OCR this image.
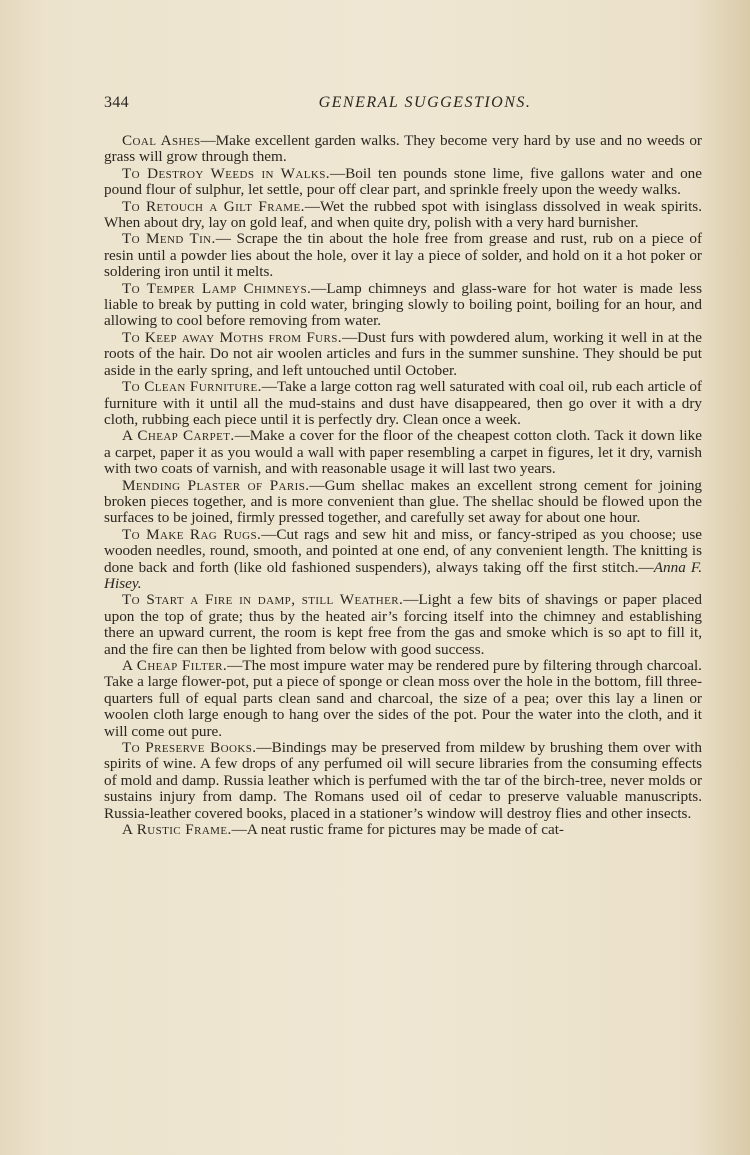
344	GENERAL SUGGESTIONS.

Coal Ashes—Make excellent garden walks. They become very hard by use and no weeds or grass will grow through them.

To Destroy Weeds in Walks.—Boil ten pounds stone lime, five gallons water and one pound flour of sulphur, let settle, pour off clear part, and sprinkle freely upon the weedy walks.

To Retouch a Gilt Frame.—Wet the rubbed spot with isinglass dissolved in weak spirits. When about dry, lay on gold leaf, and when quite dry, polish with a very hard burnisher.

To Mend Tin.— Scrape the tin about the hole free from grease and rust, rub on a piece of resin until a powder lies about the hole, over it lay a piece of solder, and hold on it a hot poker or soldering iron until it melts.

To Temper Lamp Chimneys.—Lamp chimneys and glass-ware for hot water is made less liable to break by putting in cold water, bringing slowly to boiling point, boiling for an hour, and allowing to cool before removing from water.

To Keep away Moths from Furs.—Dust furs with powdered alum, working it well in at the roots of the hair. Do not air woolen articles and furs in the summer sunshine. They should be put aside in the early spring, and left untouched until October.

To Clean Furniture.—Take a large cotton rag well saturated with coal oil, rub each article of furniture with it until all the mud-stains and dust have disappeared, then go over it with a dry cloth, rubbing each piece until it is perfectly dry. Clean once a week.

A Cheap Carpet.—Make a cover for the floor of the cheapest cotton cloth. Tack it down like a carpet, paper it as you would a wall with paper resembling a carpet in figures, let it dry, varnish with two coats of varnish, and with reasonable usage it will last two years.

Mending Plaster of Paris.—Gum shellac makes an excellent strong cement for joining broken pieces together, and is more convenient than glue. The shellac should be flowed upon the surfaces to be joined, firmly pressed together, and carefully set away for about one hour.

To Make Rag Rugs.—Cut rags and sew hit and miss, or fancy-striped as you choose; use wooden needles, round, smooth, and pointed at one end, of any convenient length. The knitting is done back and forth (like old fashioned suspenders), always taking off the first stitch.—Anna F. Hisey.

To Start a Fire in damp, still Weather.—Light a few bits of shavings or paper placed upon the top of grate; thus by the heated air’s forcing itself into the chimney and establishing there an upward current, the room is kept free from the gas and smoke which is so apt to fill it, and the fire can then be lighted from below with good success.

A Cheap Filter.—The most impure water may be rendered pure by filtering through charcoal. Take a large flower-pot, put a piece of sponge or clean moss over the hole in the bottom, fill three-quarters full of equal parts clean sand and charcoal, the size of a pea; over this lay a linen or woolen cloth large enough to hang over the sides of the pot. Pour the water into the cloth, and it will come out pure.

To Preserve Books.—Bindings may be preserved from mildew by brushing them over with spirits of wine. A few drops of any perfumed oil will secure libraries from the consuming effects of mold and damp. Russia leather which is perfumed with the tar of the birch-tree, never molds or sustains injury from damp. The Romans used oil of cedar to preserve valuable manuscripts. Russia-leather covered books, placed in a stationer’s window will destroy flies and other insects.

A Rustic Frame.—A neat rustic frame for pictures may be made of cat-
